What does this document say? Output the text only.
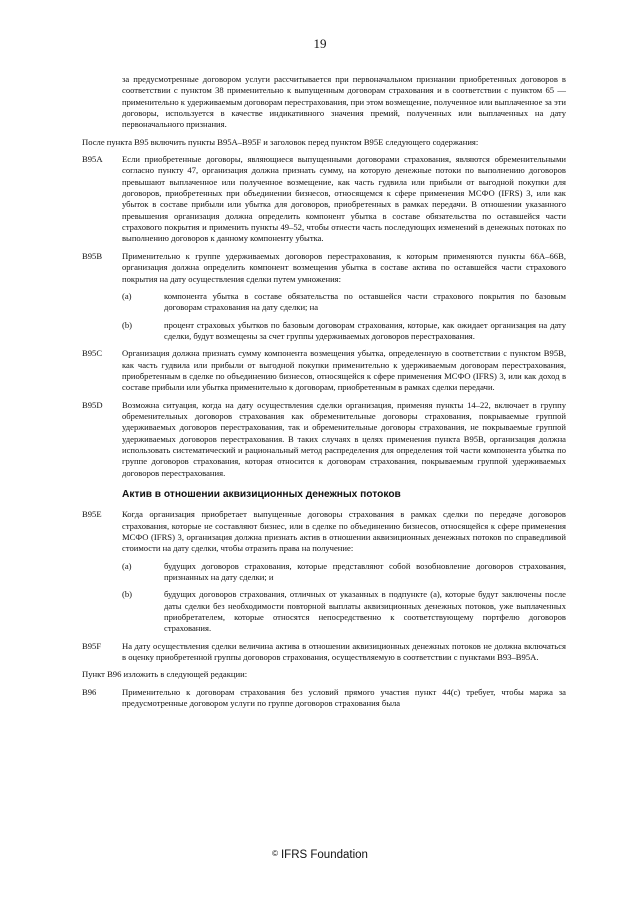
19

за предусмотренные договором услуги рассчитывается при первоначальном признании приобретенных договоров в соответствии с пунктом 38 применительно к выпущенным договорам страхования и в соответствии с пунктом 65 — применительно к удерживаемым договорам перестрахования, при этом возмещение, полученное или выплаченное за эти договоры, используется в качестве индикативного значения премий, полученных или выплаченных на дату первоначального признания.

После пункта B95 включить пункты B95A–B95F и заголовок перед пунктом B95E следующего содержания:

B95A	Если приобретенные договоры, являющиеся выпущенными договорами страхования, являются обременительными согласно пункту 47, организация должна признать сумму, на которую денежные потоки по выполнению договоров превышают выплаченное или полученное возмещение, как часть гудвила или прибыли от выгодной покупки для договоров, приобретенных при объединении бизнесов, относящемся к сфере применения МСФО (IFRS) 3, или как убыток в составе прибыли или убытка для договоров, приобретенных в рамках передачи. В отношении указанного превышения организация должна определить компонент убытка в составе обязательства по оставшейся части страхового покрытия и применить пункты 49–52, чтобы отнести часть последующих изменений в денежных потоках по выполнению договоров к данному компоненту убытка.

B95B	Применительно к группе удерживаемых договоров перестрахования, к которым применяются пункты 66A–66B, организация должна определить компонент возмещения убытка в составе актива по оставшейся части страхового покрытия на дату осуществления сделки путем умножения:

(a)	компонента убытка в составе обязательства по оставшейся части страхового покрытия по базовым договорам страхования на дату сделки; на
(b)	процент страховых убытков по базовым договорам страхования, которые, как ожидает организация на дату сделки, будут возмещены за счет группы удерживаемых договоров перестрахования.
B95C	Организация должна признать сумму компонента возмещения убытка, определенную в соответствии с пунктом B95B, как часть гудвила или прибыли от выгодной покупки применительно к удерживаемым договорам перестрахования, приобретенным в сделке по объединению бизнесов, относящейся к сфере применения МСФО (IFRS) 3, или как доход в составе прибыли или убытка применительно к договорам, приобретенным в рамках сделки передачи.

B95D	Возможна ситуация, когда на дату осуществления сделки организация, применяя пункты 14–22, включает в группу обременительных договоров страхования как обременительные договоры страхования, покрываемые группой удерживаемых договоров перестрахования, так и обременительные договоры страхования, не покрываемые группой удерживаемых договоров перестрахования. В таких случаях в целях применения пункта B95B, организация должна использовать систематический и рациональный метод распределения для определения той части компонента убытка по группе договоров страхования, которая относится к договорам страхования, покрываемым группой удерживаемых договоров перестрахования.

Актив в отношении аквизиционных денежных потоков
B95E	Когда организация приобретает выпущенные договоры страхования в рамках сделки по передаче договоров страхования, которые не составляют бизнес, или в сделке по объединению бизнесов, относящейся к сфере применения МСФО (IFRS) 3, организация должна признать актив в отношении аквизиционных денежных потоков по справедливой стоимости на дату сделки, чтобы отразить права на получение:

(a)	будущих договоров страхования, которые представляют собой возобновление договоров страхования, признанных на дату сделки; и
(b)	будущих договоров страхования, отличных от указанных в подпункте (a), которые будут заключены после даты сделки без необходимости повторной выплаты аквизиционных денежных потоков, уже выплаченных приобретателем, которые относятся непосредственно к соответствующему портфелю договоров страхования.
B95F	На дату осуществления сделки величина актива в отношении аквизиционных денежных потоков не должна включаться в оценку приобретенной группы договоров страхования, осуществляемую в соответствии с пунктами B93–B95A.

Пункт B96 изложить в следующей редакции:

B96	Применительно к договорам страхования без условий прямого участия пункт 44(c) требует, чтобы маржа за предусмотренные договором услуги по группе договоров страхования была

© IFRS Foundation
